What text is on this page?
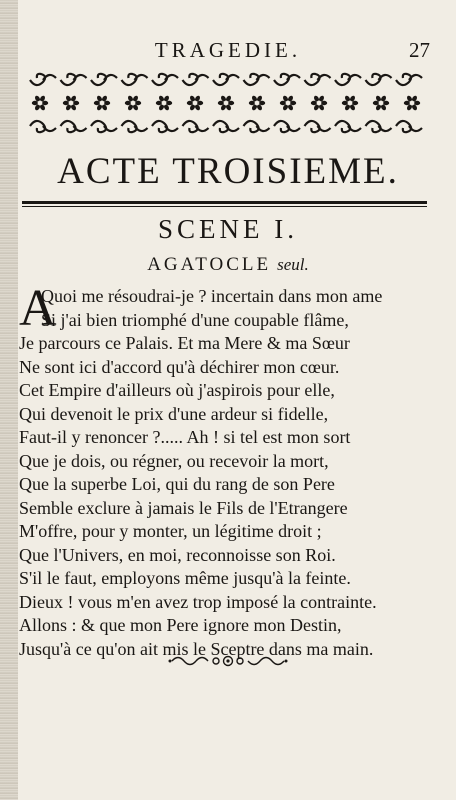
TRAGEDIE.	27
ACTE TROISIEME.
SCENE I.
AGATOCLE seul.
A
Quoi me résoudrai-je ? incertain dans mon ame
Si j'ai bien triomphé d'une coupable flâme,
Je parcours ce Palais. Et ma Mere & ma Sœur
Ne sont ici d'accord qu'à déchirer mon cœur.
Cet Empire d'ailleurs où j'aspirois pour elle,
Qui devenoit le prix d'une ardeur si fidelle,
Faut-il y renoncer ?..... Ah ! si tel est mon sort
Que je dois, ou régner, ou recevoir la mort,
Que la superbe Loi, qui du rang de son Pere
Semble exclure à jamais le Fils de l'Etrangere
M'offre, pour y monter, un légitime droit ;
Que l'Univers, en moi, reconnoisse son Roi.
S'il le faut, employons même jusqu'à la feinte.
Dieux ! vous m'en avez trop imposé la contrainte.
Allons : & que mon Pere ignore mon Destin,
Jusqu'à ce qu'on ait mis le Sceptre dans ma main.
